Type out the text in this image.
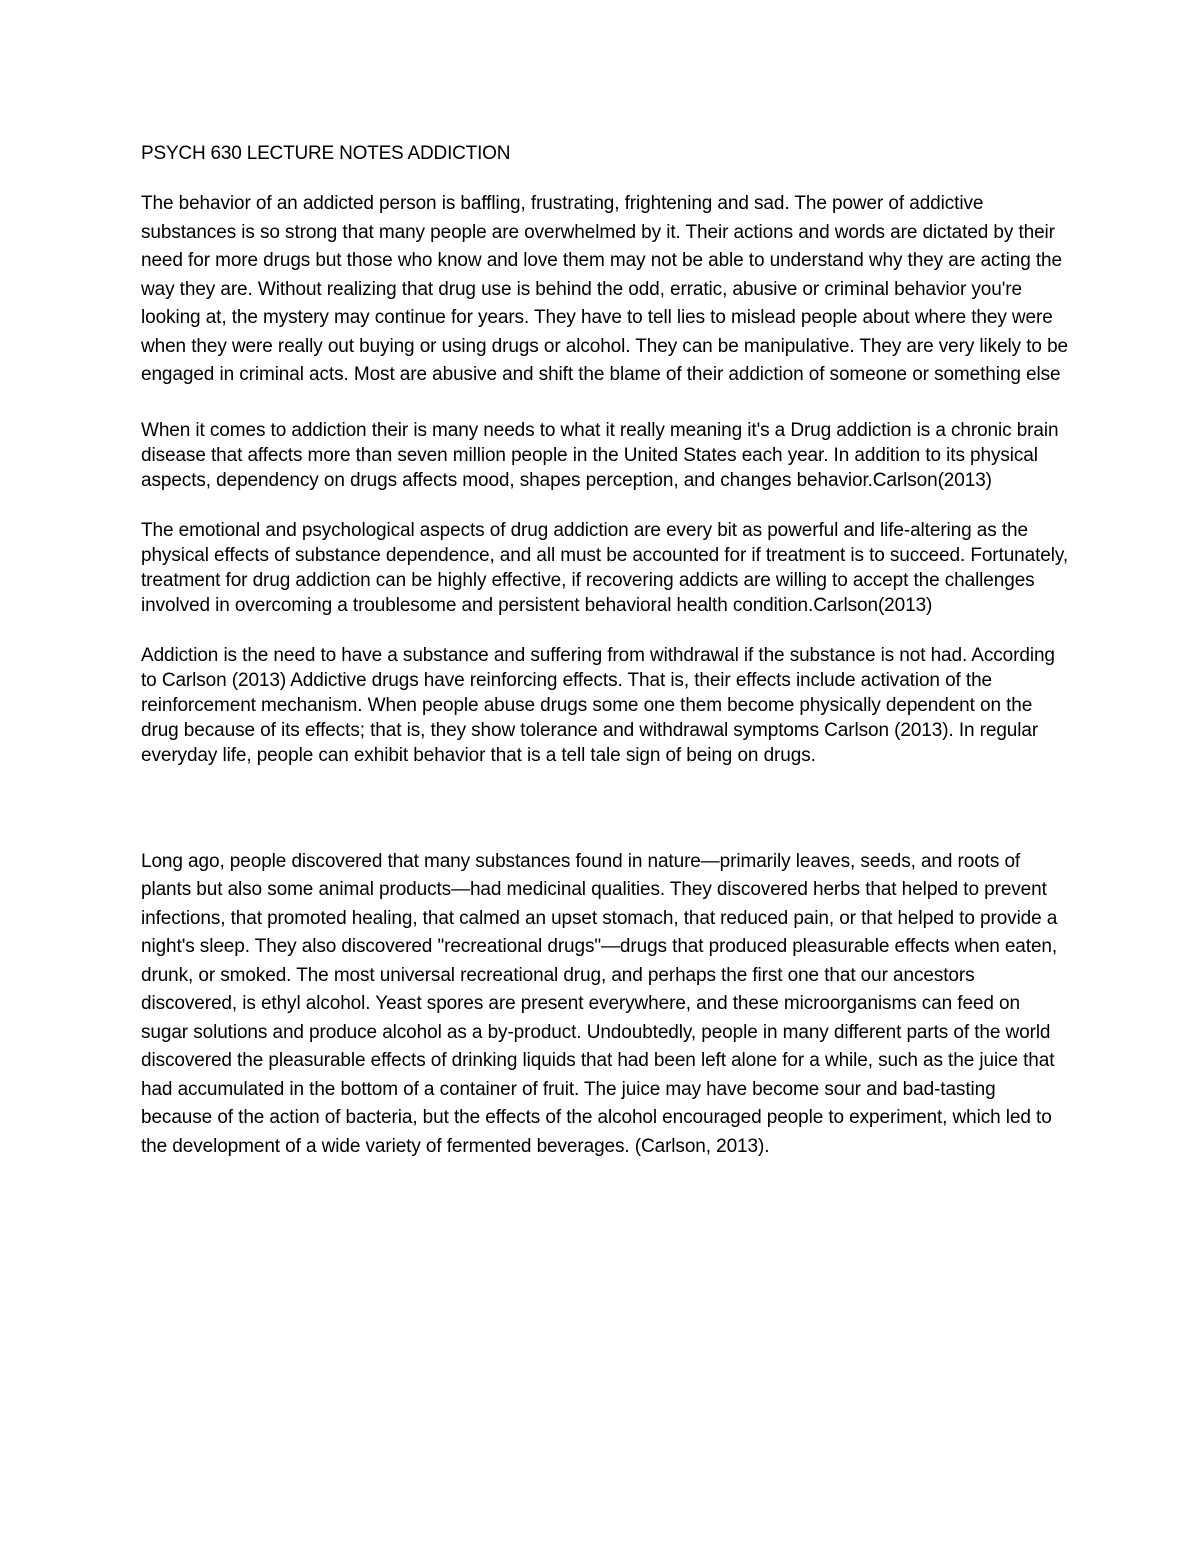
PSYCH 630 LECTURE NOTES ADDICTION

The behavior of an addicted person is baffling, frustrating, frightening and sad. The power of addictive substances is so strong that many people are overwhelmed by it. Their actions and words are dictated by their need for more drugs but those who know and love them may not be able to understand why they are acting the way they are. Without realizing that drug use is behind the odd, erratic, abusive or criminal behavior you're looking at, the mystery may continue for years. They have to tell lies to mislead people about where they were when they were really out buying or using drugs or alcohol. They can be manipulative. They are very likely to be engaged in criminal acts. Most are abusive and shift the blame of their addiction of someone or something else

When it comes to addiction their is many needs to what it really meaning it's a Drug addiction is a chronic brain disease that affects more than seven million people in the United States each year. In addition to its physical aspects, dependency on drugs affects mood, shapes perception, and changes behavior.Carlson(2013)

The emotional and psychological aspects of drug addiction are every bit as powerful and life-altering as the physical effects of substance dependence, and all must be accounted for if treatment is to succeed. Fortunately, treatment for drug addiction can be highly effective, if recovering addicts are willing to accept the challenges involved in overcoming a troublesome and persistent behavioral health condition.Carlson(2013)

Addiction is the need to have a substance and suffering from withdrawal if the substance is not had. According to Carlson (2013) Addictive drugs have reinforcing effects. That is, their effects include activation of the reinforcement mechanism. When people abuse drugs some one them become physically dependent on the drug because of its effects; that is, they show tolerance and withdrawal symptoms Carlson (2013). In regular everyday life, people can exhibit behavior that is a tell tale sign of being on drugs.

Long ago, people discovered that many substances found in nature—primarily leaves, seeds, and roots of plants but also some animal products—had medicinal qualities. They discovered herbs that helped to prevent infections, that promoted healing, that calmed an upset stomach, that reduced pain, or that helped to provide a night's sleep. They also discovered "recreational drugs"—drugs that produced pleasurable effects when eaten, drunk, or smoked. The most universal recreational drug, and perhaps the first one that our ancestors discovered, is ethyl alcohol. Yeast spores are present everywhere, and these microorganisms can feed on sugar solutions and produce alcohol as a by-product. Undoubtedly, people in many different parts of the world discovered the pleasurable effects of drinking liquids that had been left alone for a while, such as the juice that had accumulated in the bottom of a container of fruit. The juice may have become sour and bad-tasting because of the action of bacteria, but the effects of the alcohol encouraged people to experiment, which led to the development of a wide variety of fermented beverages. (Carlson, 2013).
